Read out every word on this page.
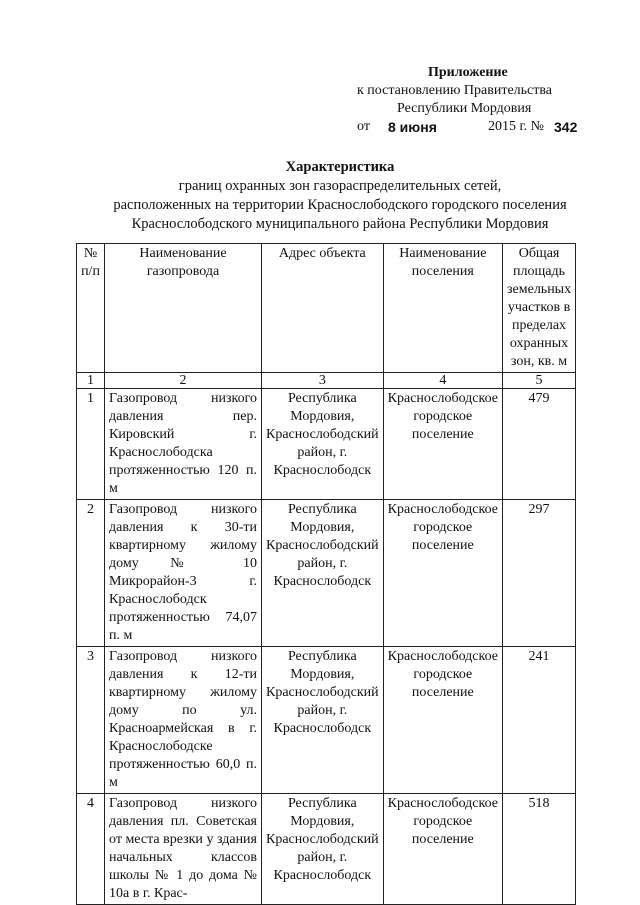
Приложение
к постановлению Правительства
Республики Мордовия
от 8 июня	2015 г. № 342
Характеристика
границ охранных зон газораспределительных сетей,
расположенных на территории Краснослободского городского поселения
Краснослободского муниципального района Республики Мордовия
№ п/п	Наименование газопровода	Адрес объекта	Наименование поселения	Общая площадь земельных участков в пределах охранных зон, кв. м
1	2	3	4	5
1	Газопровод низкого давления пер. Кировский г. Краснослободска протяженностью 120 п. м	Республика Мордовия, Краснослободский район, г. Краснослободск	Краснослободское городское поселение	479
2	Газопровод низкого давления к 30-ти квартирному жилому дому № 10 Микрорайон-3 г. Краснослободск протяженностью 74,07 п. м	Республика Мордовия, Краснослободский район, г. Краснослободск	Краснослободское городское поселение	297
3	Газопровод низкого давления к 12-ти квартирному жилому дому по ул. Красноармейская в г. Краснослободске протяженностью 60,0 п. м	Республика Мордовия, Краснослободский район, г. Краснослободск	Краснослободское городское поселение	241
4	Газопровод низкого давления пл. Советская от места врезки у здания начальных классов школы № 1 до дома № 10а в г. Крас-	Республика Мордовия, Краснослободский район, г. Краснослободск	Краснослободское городское поселение	518
